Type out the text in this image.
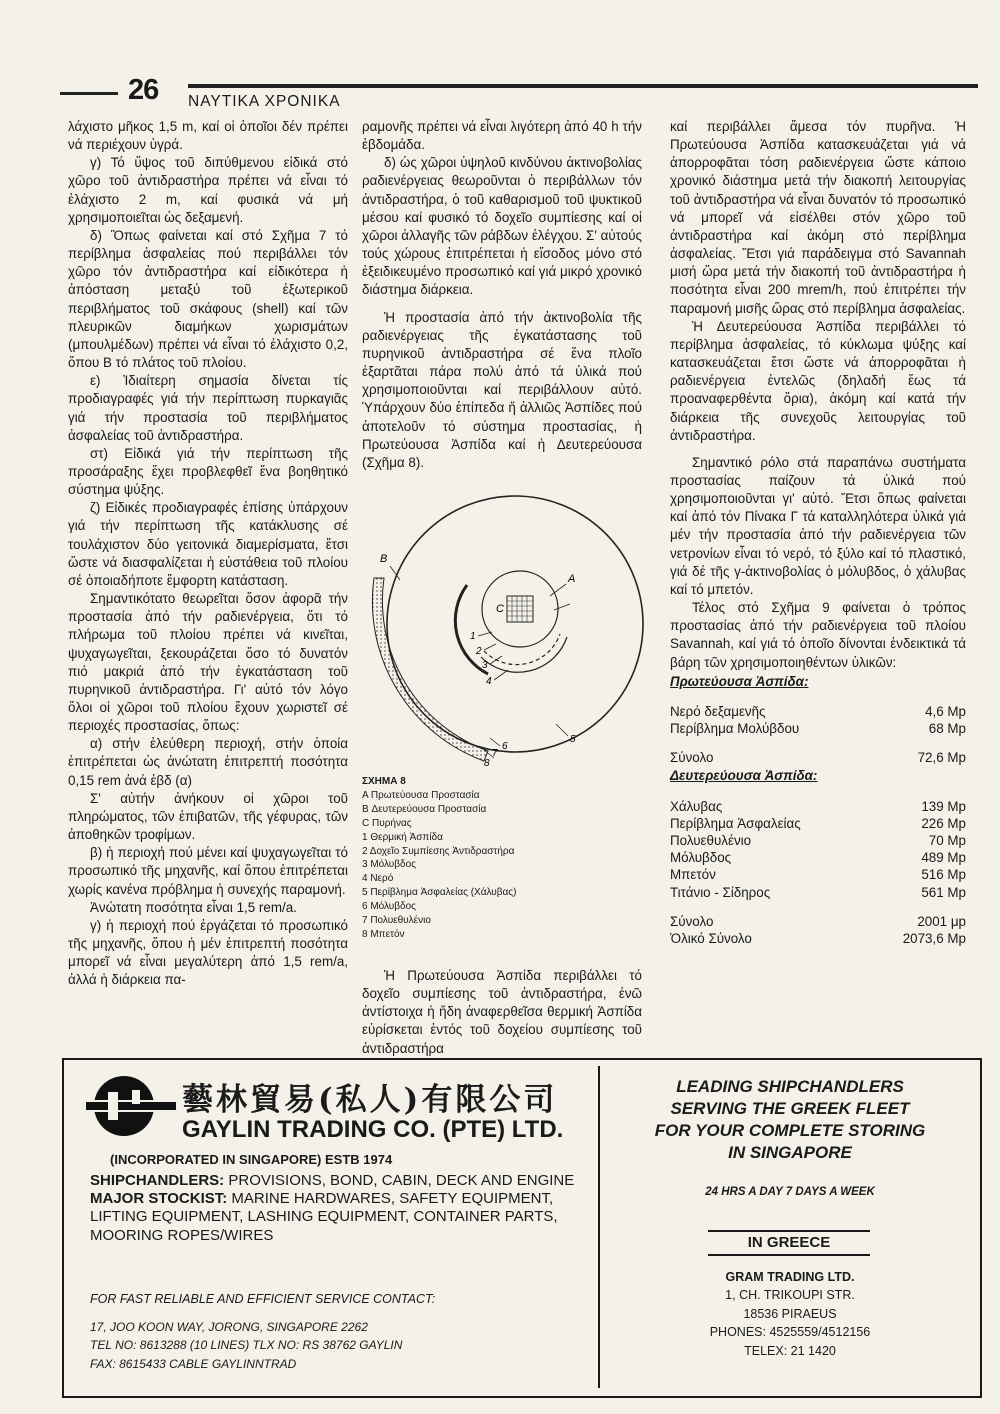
26 ΝΑΥΤΙΚΑ ΧΡΟΝΙΚΑ

λάχιστο μῆκος 1,5 m, καί οἱ ὁποῖοι δέν πρέπει νά περιέχουν ὑγρά.

γ) Τό ὕψος τοῦ διπύθμενου εἰδικά στό χῶρο τοῦ ἀντιδραστήρα πρέπει νά εἶναι τό ἐλάχιστο 2 m, καί φυσικά νά μή χρησιμοποιεῖται ὡς δεξαμενή.

δ) Ὅπως φαίνεται καί στό Σχῆμα 7 τό περίβλημα ἀσφαλείας πού περιβάλλει τόν χῶρο τόν ἀντιδραστήρα καί εἰδικότερα ἡ ἀπόσταση μεταξύ τοῦ ἐξωτερικοῦ περιβλήματος τοῦ σκάφους (shell) καί τῶν πλευρικῶν διαμήκων χωρισμάτων (μπουλμέδων) πρέπει νά εἶναι τό ἐλάχιστο 0,2, ὅπου Β τό πλάτος τοῦ πλοίου.

ε) Ἰδιαίτερη σημασία δίνεται τίς προδιαγραφές γιά τήν περίπτωση πυρκαγιᾶς γιά τήν προστασία τοῦ περιβλήματος ἀσφαλείας τοῦ ἀντιδραστήρα.

στ) Εἰδικά γιά τήν περίπτωση τῆς προσάραξης ἔχει προβλεφθεῖ ἕνα βοηθητικό σύστημα ψύξης.

ζ) Εἰδικές προδιαγραφές ἐπίσης ὑπάρχουν γιά τήν περίπτωση τῆς κατάκλυσης σέ τουλάχιστον δύο γειτονικά διαμερίσματα, ἔτσι ὥστε νά διασφαλίζεται ἡ εὐστάθεια τοῦ πλοίου σέ ὁποιαδήποτε ἔμφορτη κατάσταση.

Σημαντικότατο θεωρεῖται ὅσον ἀφορᾶ τήν προστασία ἀπό τήν ραδιενέργεια, ὅτι τό πλήρωμα τοῦ πλοίου πρέπει νά κινεῖται, ψυχαγωγεῖται, ξεκουράζεται ὅσο τό δυνατόν πιό μακριά ἀπό τήν ἐγκατάσταση τοῦ πυρηνικοῦ ἀντιδραστήρα. Γι' αὐτό τόν λόγο ὅλοι οἱ χῶροι τοῦ πλοίου ἔχουν χωριστεῖ σέ περιοχές προστασίας, ὅπως:

α) στήν ἐλεύθερη περιοχή, στήν ὁποία ἐπιτρέπεται ὡς ἀνώτατη ἐπιτρεπτή ποσότητα 0,15 rem ἀνά ἑβδ (α)

Σ' αὐτήν ἀνήκουν οἱ χῶροι τοῦ πληρώματος, τῶν ἐπιβατῶν, τῆς γέφυρας, τῶν ἀποθηκῶν τροφίμων.

β) ἡ περιοχή πού μένει καί ψυχαγωγεῖται τό προσωπικό τῆς μηχανῆς, καί ὅπου ἐπιτρέπεται χωρίς κανένα πρόβλημα ἡ συνεχής παραμονή.

Ἀνώτατη ποσότητα εἶναι 1,5 rem/a.

γ) ἡ περιοχή πού ἐργάζεται τό προσωπικό τῆς μηχανῆς, ὅπου ἡ μέν ἐπιτρεπτή ποσότητα μπορεῖ νά εἶναι μεγαλύτερη ἀπό 1,5 rem/a, ἀλλά ἡ διάρκεια πα-

ραμονῆς πρέπει νά εἶναι λιγότερη ἀπό 40 h τήν ἑβδομάδα.

δ) ὡς χῶροι ὑψηλοῦ κινδύνου ἀκτινοβολίας ραδιενέργειας θεωροῦνται ὁ περιβάλλων τόν ἀντιδραστήρα, ὁ τοῦ καθαρισμοῦ τοῦ ψυκτικοῦ μέσου καί φυσικό τό δοχεῖο συμπίεσης καί οἱ χῶροι ἀλλαγῆς τῶν ράβδων ἐλέγχου. Σ' αὐτούς τούς χώρους ἐπιτρέπεται ἡ εἴσοδος μόνο στό ἐξειδικευμένο προσωπικό καί γιά μικρό χρονικό διάστημα διάρκεια.

Ἡ προστασία ἀπό τήν ἀκτινοβολία τῆς ραδιενέργειας τῆς ἐγκατάστασης τοῦ πυρηνικοῦ ἀντιδραστήρα σέ ἕνα πλοῖο ἐξαρτᾶται πάρα πολύ ἀπό τά ὑλικά πού χρησιμοποιοῦνται καί περιβάλλουν αὐτό. Ὑπάρχουν δύο ἐπίπεδα ἤ ἀλλιῶς Ἀσπίδες πού ἀποτελοῦν τό σύστημα προστασίας, ἡ Πρωτεύουσα Ἀσπίδα καί ἡ Δευτερεύουσα (Σχῆμα 8).

B
A
C
1
2
3
4
5
6
7
8
ΣΧΗΜΑ 8
A Πρωτεύουσα Προστασία
B Δευτερεύουσα Προστασία
C Πυρήνας
1 Θερμική Ἀσπίδα
2 Δοχεῖο Συμπίεσης Ἀντιδραστήρα
3 Μόλυβδος
4 Νερό
5 Περίβλημα Ἀσφαλείας (Χάλυβας)
6 Μόλυβδος
7 Πολυεθυλένιο
8 Μπετόν

Ἡ Πρωτεύουσα Ἀσπίδα περιβάλλει τό δοχεῖο συμπίεσης τοῦ ἀντιδραστήρα, ἐνῶ ἀντίστοιχα ἡ ἤδη ἀναφερθεῖσα θερμική Ἀσπίδα εὑρίσκεται ἐντός τοῦ δοχείου συμπίεσης τοῦ ἀντιδραστήρα

καί περιβάλλει ἄμεσα τόν πυρῆνα. Ἡ Πρωτεύουσα Ἀσπίδα κατασκευάζεται γιά νά ἀπορροφᾶται τόση ραδιενέργεια ὥστε κάποιο χρονικό διάστημα μετά τήν διακοπή λειτουργίας τοῦ ἀντιδραστήρα νά εἶναι δυνατόν τό προσωπικό νά μπορεῖ νά εἰσέλθει στόν χῶρο τοῦ ἀντιδραστήρα καί ἀκόμη στό περίβλημα ἀσφαλείας. Ἔτσι γιά παράδειγμα στό Savannah μισή ὥρα μετά τήν διακοπή τοῦ ἀντιδραστήρα ἡ ποσότητα εἶναι 200 mrem/h, πού ἐπιτρέπει τήν παραμονή μισῆς ὥρας στό περίβλημα ἀσφαλείας.

Ἡ Δευτερεύουσα Ἀσπίδα περιβάλλει τό περίβλημα ἀσφαλείας, τό κύκλωμα ψύξης καί κατασκευάζεται ἔτσι ὥστε νά ἀπορροφᾶται ἡ ραδιενέργεια ἐντελῶς (δηλαδή ἕως τά προαναφερθέντα ὅρια), ἀκόμη καί κατά τήν διάρκεια τῆς συνεχοῦς λειτουργίας τοῦ ἀντιδραστήρα.

Σημαντικό ρόλο στά παραπάνω συστήματα προστασίας παίζουν τά ὑλικά πού χρησιμοποιοῦνται γι' αὐτό. Ἔτσι ὅπως φαίνεται καί ἀπό τόν Πίνακα Γ τά καταλληλότερα ὑλικά γιά μέν τήν προστασία ἀπό τήν ραδιενέργεια τῶν νετρονίων εἶναι τό νερό, τό ξύλο καί τό πλαστικό, γιά δέ τῆς γ-ἀκτινοβολίας ὁ μόλυβδος, ὁ χάλυβας καί τό μπετόν.

Τέλος στό Σχῆμα 9 φαίνεται ὁ τρόπος προστασίας ἀπό τήν ραδιενέργεια τοῦ πλοίου Savannah, καί γιά τό ὁποῖο δίνονται ἐνδεικτικά τά βάρη τῶν χρησιμοποιηθέντων ὑλικῶν:

Πρωτεύουσα Ἀσπίδα:
Νερό δεξαμενῆς	4,6 Mp
Περίβλημα Μολύβδου	68 Mp
Σύνολο	72,6 Mp
Δευτερεύουσα Ἀσπίδα:
Χάλυβας	139 Mp
Περίβλημα Ἀσφαλείας	226 Mp
Πολυεθυλένιο	70 Mp
Μόλυβδος	489 Mp
Μπετόν	516 Mp
Τιτάνιο - Σίδηρος	561 Mp
Σύνολο	2001 μp
Ὁλικό Σύνολο	2073,6 Mp
藝林貿易(私人)有限公司
GAYLIN TRADING CO. (PTE) LTD.
(INCORPORATED IN SINGAPORE) ESTB 1974

SHIPCHANDLERS: PROVISIONS, BOND, CABIN, DECK AND ENGINE

MAJOR STOCKIST: MARINE HARDWARES, SAFETY EQUIPMENT,

LIFTING EQUIPMENT, LASHING EQUIPMENT, CONTAINER PARTS, MOORING ROPES/WIRES

FOR FAST RELIABLE AND EFFICIENT SERVICE CONTACT:
17, JOO KOON WAY, JORONG, SINGAPORE 2262
TEL NO: 8613288 (10 LINES) TLX NO: RS 38762 GAYLIN
FAX: 8615433 CABLE GAYLINNTRAD
LEADING SHIPCHANDLERS
SERVING THE GREEK FLEET
FOR YOUR COMPLETE STORING
IN SINGAPORE
24 HRS A DAY 7 DAYS A WEEK
IN GREECE
GRAM TRADING LTD.
1, CH. TRIKOUPI STR.
18536 PIRAEUS
PHONES: 4525559/4512156
TELEX: 21 1420
